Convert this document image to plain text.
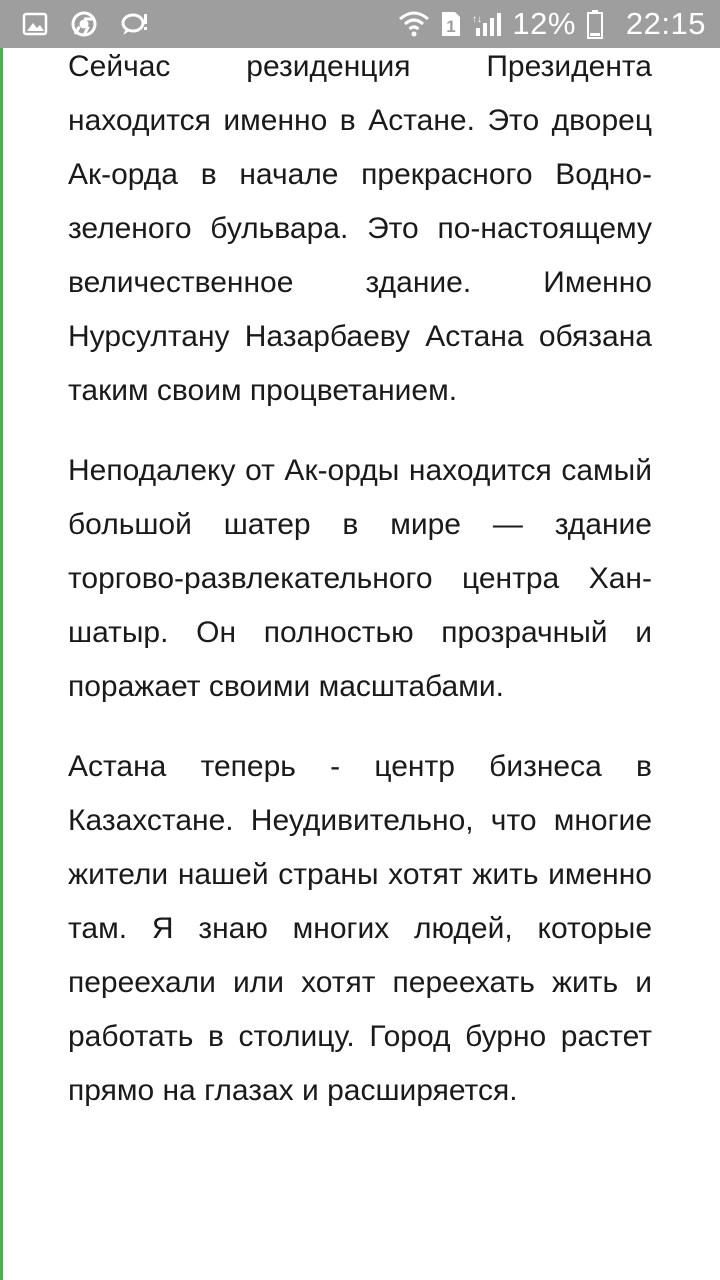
1 ↑↓ 12% 22:15

Сейчас резиденция Президента находится именно в Астане. Это дворец Ак-орда в начале прекрасного Водно-зеленого бульвара. Это по-настоящему величественное здание. Именно Нурсултану Назарбаеву Астана обязана таким своим процветанием.

Неподалеку от Ак-орды находится самый большой шатер в мире — здание торгово-развлекательного центра Хан-шатыр. Он полностью прозрачный и поражает своими масштабами.

Астана теперь - центр бизнеса в Казахстане. Неудивительно, что многие жители нашей страны хотят жить именно там. Я знаю многих людей, которые переехали или хотят переехать жить и работать в столицу. Город бурно растет прямо на глазах и расширяется.
